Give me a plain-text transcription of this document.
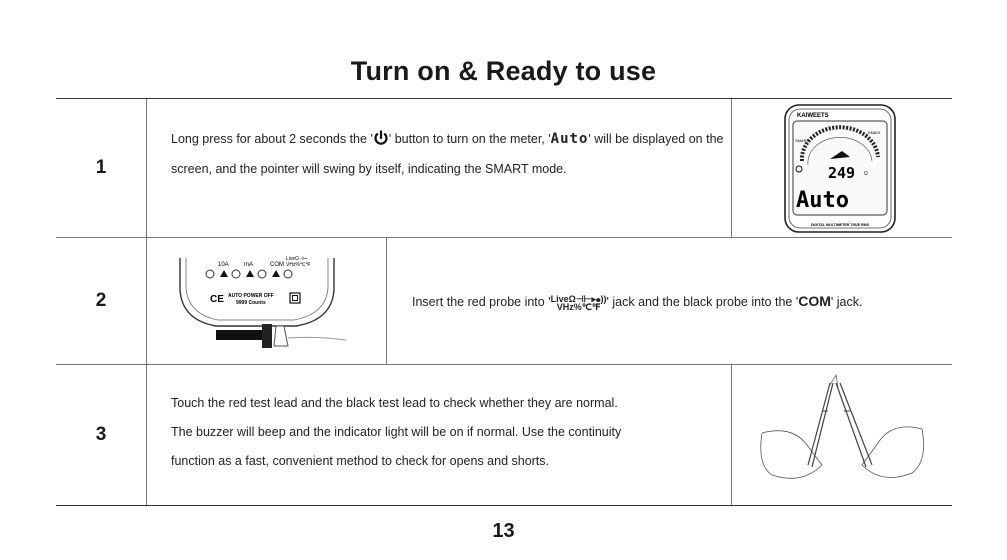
Turn on & Ready to use
1
Long press for about 2 seconds the ' ' button to turn on the meter, 'Auto' will be displayed on the screen, and the pointer will swing by itself, indicating the SMART mode.
KAIWEETS
KM601
SMART
249 Ω
Auto
DIGITAL MULTIMETER TRUE RMS
2
10A	mA	COM
LiveΩ⊣⊢
VHz%℃℉
CE AUTO POWER OFF
9999 Counts	Insert the red probe into 'LiveΩ⊣⊢▸⦁))
VHz%℃℉ ' jack and the black probe into the 'COM' jack.
3
Touch the red test lead and the black test lead to check whether they are normal.
The buzzer will beep and the indicator light will be on if normal. Use the continuity
function as a fast, convenient method to check for opens and shorts.
13
